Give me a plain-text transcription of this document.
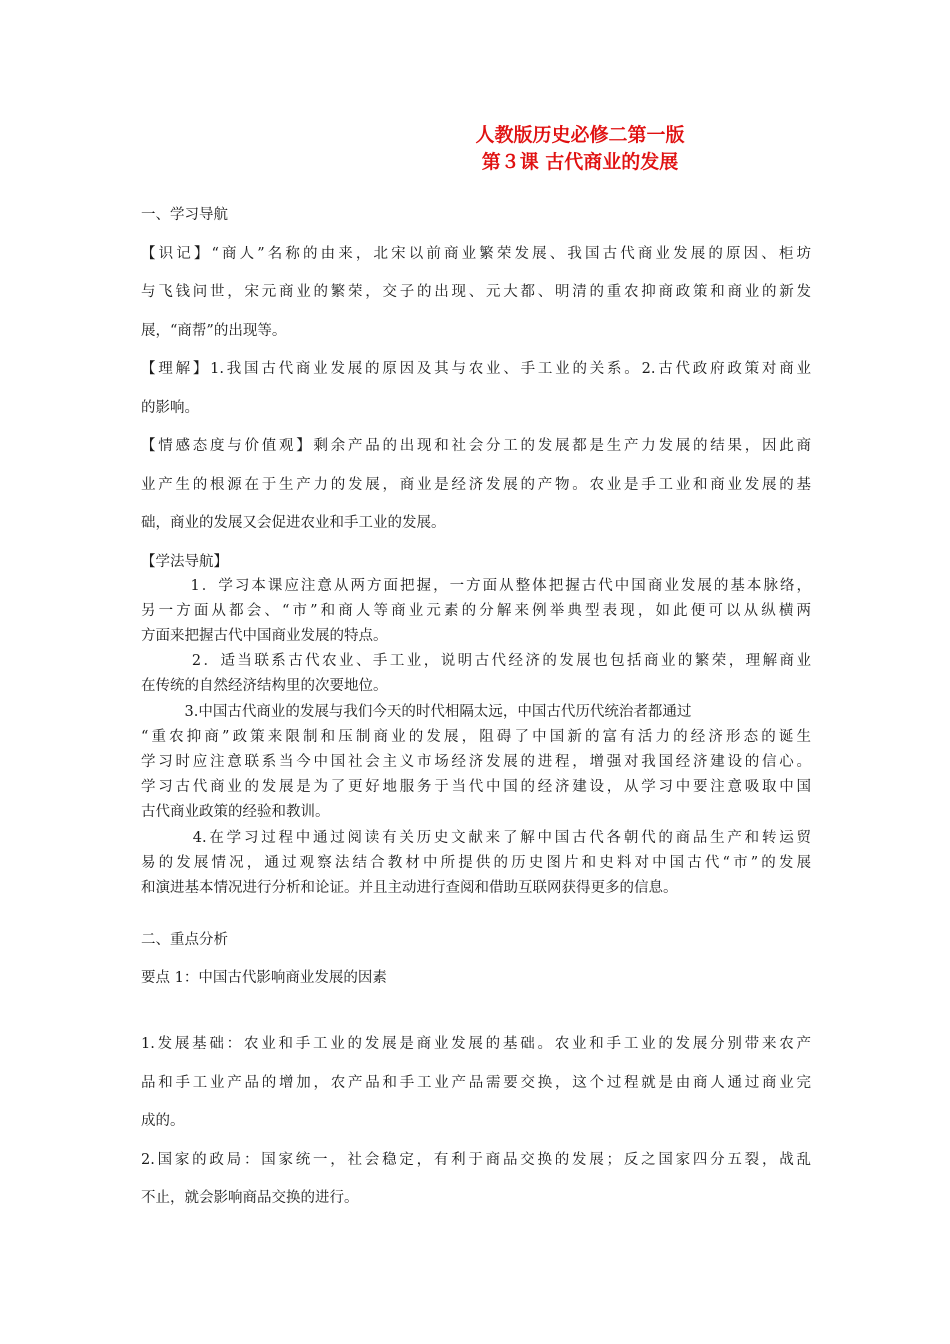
人教版历史必修二第一版
第３课 古代商业的发展
一、学习导航
【识记】“商人”名称的由来，北宋以前商业繁荣发展、我国古代商业发展的原因、柜坊
与飞钱问世，宋元商业的繁荣，交子的出现、元大都、明清的重农抑商政策和商业的新发
展，“商帮”的出现等。
【理解】1.我国古代商业发展的原因及其与农业、手工业的关系。2.古代政府政策对商业
的影响。
【情感态度与价值观】剩余产品的出现和社会分工的发展都是生产力发展的结果，因此商
业产生的根源在于生产力的发展，商业是经济发展的产物。农业是手工业和商业发展的基
础，商业的发展又会促进农业和手工业的发展。
【学法导航】
　　　1．学习本课应注意从两方面把握，一方面从整体把握古代中国商业发展的基本脉络，
另一方面从都会、“市”和商人等商业元素的分解来例举典型表现，如此便可以从纵横两
方面来把握古代中国商业发展的特点。
　　　2．适当联系古代农业、手工业，说明古代经济的发展也包括商业的繁荣，理解商业
在传统的自然经济结构里的次要地位。
　　　3.中国古代商业的发展与我们今天的时代相隔太远，中国古代历代统治者都通过
“重农抑商”政策来限制和压制商业的发展，阻碍了中国新的富有活力的经济形态的诞生
学习时应注意联系当今中国社会主义市场经济发展的进程，增强对我国经济建设的信心。
学习古代商业的发展是为了更好地服务于当代中国的经济建设，从学习中要注意吸取中国
古代商业政策的经验和教训。
　　　4.在学习过程中通过阅读有关历史文献来了解中国古代各朝代的商品生产和转运贸
易的发展情况，通过观察法结合教材中所提供的历史图片和史料对中国古代“市”的发展
和演进基本情况进行分析和论证。并且主动进行查阅和借助互联网获得更多的信息。
二、重点分析
要点 1：中国古代影响商业发展的因素
1.发展基础：农业和手工业的发展是商业发展的基础。农业和手工业的发展分别带来农产
品和手工业产品的增加，农产品和手工业产品需要交换，这个过程就是由商人通过商业完
成的。
2.国家的政局：国家统一，社会稳定，有利于商品交换的发展；反之国家四分五裂，战乱
不止，就会影响商品交换的进行。
